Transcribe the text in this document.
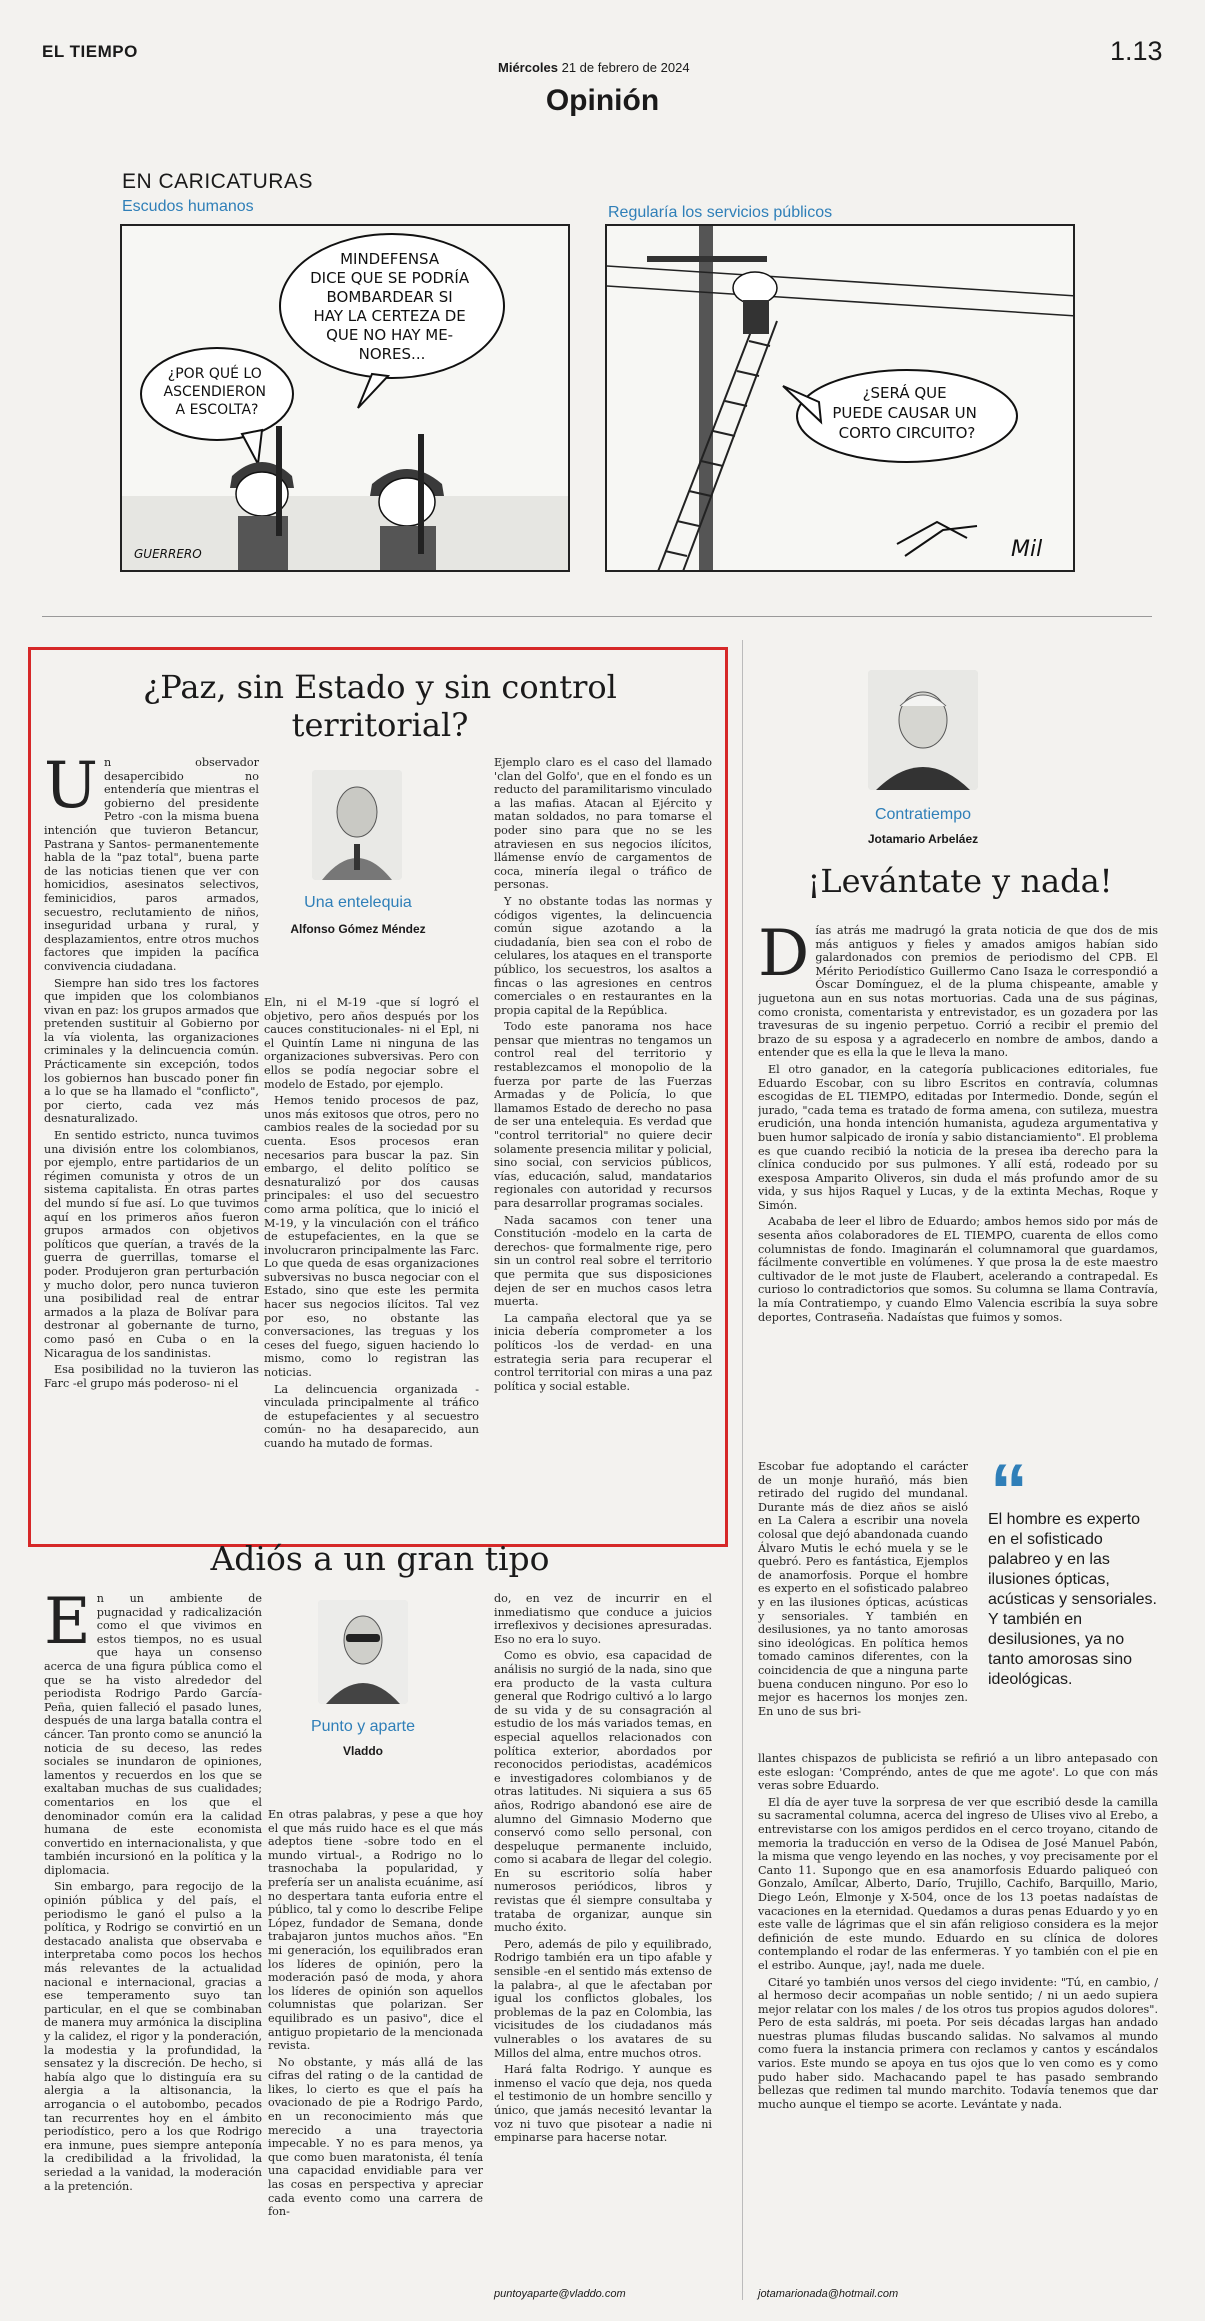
EL TIEMPO
Miércoles 21 de febrero de 2024
1.13
Opinión
EN CARICATURAS
Escudos humanos	Regularía los servicios públicos
MINDEFENSA DICE QUE SE PODRÍA BOMBARDEAR SI HAY LA CERTEZA DE QUE NO HAY ME- NORES...
¿POR QUÉ LO ASCENDIERON A ESCOLTA?
GUERRERO
¿SERÁ QUE PUEDE CAUSAR UN CORTO CIRCUITO?
Mil
¿Paz, sin Estado y sin control territorial?

Un observador desapercibido no entendería que mientras el gobierno del presidente Petro -con la misma buena intención que tuvieron Betancur, Pastrana y Santos- permanentemente habla de la "paz total", buena parte de las noticias tienen que ver con homicidios, asesinatos selectivos, feminicidios, paros armados, secuestro, reclutamiento de niños, inseguridad urbana y rural, y desplazamientos, entre otros muchos factores que impiden la pacífica convivencia ciudadana.

Siempre han sido tres los factores que impiden que los colombianos vivan en paz: los grupos armados que pretenden sustituir al Gobierno por la vía violenta, las organizaciones criminales y la delincuencia común. Prácticamente sin excepción, todos los gobiernos han buscado poner fin a lo que se ha llamado el "conflicto", por cierto, cada vez más desnaturalizado.

En sentido estricto, nunca tuvimos una división entre los colombianos, por ejemplo, entre partidarios de un régimen comunista y otros de un sistema capitalista. En otras partes del mundo sí fue así. Lo que tuvimos aquí en los primeros años fueron grupos armados con objetivos políticos que querían, a través de la guerra de guerrillas, tomarse el poder. Produjeron gran perturbación y mucho dolor, pero nunca tuvieron una posibilidad real de entrar armados a la plaza de Bolívar para destronar al gobernante de turno, como pasó en Cuba o en la Nicaragua de los sandinistas.

Esa posibilidad no la tuvieron las Farc -el grupo más poderoso- ni el

Una entelequia
Alfonso Gómez Méndez

Eln, ni el M-19 -que sí logró el objetivo, pero años después por los cauces constitucionales- ni el Epl, ni el Quintín Lame ni ninguna de las organizaciones subversivas. Pero con ellos se podía negociar sobre el modelo de Estado, por ejemplo.

Hemos tenido procesos de paz, unos más exitosos que otros, pero no cambios reales de la sociedad por su cuenta. Esos procesos eran necesarios para buscar la paz. Sin embargo, el delito político se desnaturalizó por dos causas principales: el uso del secuestro como arma política, que lo inició el M-19, y la vinculación con el tráfico de estupefacientes, en la que se involucraron principalmente las Farc. Lo que queda de esas organizaciones subversivas no busca negociar con el Estado, sino que este les permita hacer sus negocios ilícitos. Tal vez por eso, no obstante las conversaciones, las treguas y los ceses del fuego, siguen haciendo lo mismo, como lo registran las noticias.

La delincuencia organizada -vinculada principalmente al tráfico de estupefacientes y al secuestro común- no ha desaparecido, aun cuando ha mutado de formas.

Ejemplo claro es el caso del llamado 'clan del Golfo', que en el fondo es un reducto del paramilitarismo vinculado a las mafias. Atacan al Ejército y matan soldados, no para tomarse el poder sino para que no se les atraviesen en sus negocios ilícitos, llámense envío de cargamentos de coca, minería ilegal o tráfico de personas.

Y no obstante todas las normas y códigos vigentes, la delincuencia común sigue azotando a la ciudadanía, bien sea con el robo de celulares, los ataques en el transporte público, los secuestros, los asaltos a fincas o las agresiones en centros comerciales o en restaurantes en la propia capital de la República.

Todo este panorama nos hace pensar que mientras no tengamos un control real del territorio y restablezcamos el monopolio de la fuerza por parte de las Fuerzas Armadas y de Policía, lo que llamamos Estado de derecho no pasa de ser una entelequia. Es verdad que "control territorial" no quiere decir solamente presencia militar y policial, sino social, con servicios públicos, vías, educación, salud, mandatarios regionales con autoridad y recursos para desarrollar programas sociales.

Nada sacamos con tener una Constitución -modelo en la carta de derechos- que formalmente rige, pero sin un control real sobre el territorio que permita que sus disposiciones dejen de ser en muchos casos letra muerta.

La campaña electoral que ya se inicia debería comprometer a los políticos -los de verdad- en una estrategia seria para recuperar el control territorial con miras a una paz política y social estable.

Adiós a un gran tipo

En un ambiente de pugnacidad y radicalización como el que vivimos en estos tiempos, no es usual que haya un consenso acerca de una figura pública como el que se ha visto alrededor del periodista Rodrigo Pardo García-Peña, quien falleció el pasado lunes, después de una larga batalla contra el cáncer. Tan pronto como se anunció la noticia de su deceso, las redes sociales se inundaron de opiniones, lamentos y recuerdos en los que se exaltaban muchas de sus cualidades; comentarios en los que el denominador común era la calidad humana de este economista convertido en internacionalista, y que también incursionó en la política y la diplomacia.

Sin embargo, para regocijo de la opinión pública y del país, el periodismo le ganó el pulso a la política, y Rodrigo se convirtió en un destacado analista que observaba e interpretaba como pocos los hechos más relevantes de la actualidad nacional e internacional, gracias a ese temperamento suyo tan particular, en el que se combinaban de manera muy armónica la disciplina y la calidez, el rigor y la ponderación, la modestia y la profundidad, la sensatez y la discreción. De hecho, si había algo que lo distinguía era su alergia a la altisonancia, la arrogancia o el autobombo, pecados tan recurrentes hoy en el ámbito periodístico, pero a los que Rodrigo era inmune, pues siempre anteponía la credibilidad a la frivolidad, la seriedad a la vanidad, la moderación a la pretención.

Punto y aparte
Vladdo

En otras palabras, y pese a que hoy el que más ruido hace es el que más adeptos tiene -sobre todo en el mundo virtual-, a Rodrigo no lo trasnochaba la popularidad, y prefería ser un analista ecuánime, así no despertara tanta euforia entre el público, tal y como lo describe Felipe López, fundador de Semana, donde trabajaron juntos muchos años. "En mi generación, los equilibrados eran los líderes de opinión, pero la moderación pasó de moda, y ahora los líderes de opinión son aquellos columnistas que polarizan. Ser equilibrado es un pasivo", dice el antiguo propietario de la mencionada revista.

No obstante, y más allá de las cifras del rating o de la cantidad de likes, lo cierto es que el país ha ovacionado de pie a Rodrigo Pardo, en un reconocimiento más que merecido a una trayectoria impecable. Y no es para menos, ya que como buen maratonista, él tenía una capacidad envidiable para ver las cosas en perspectiva y apreciar cada evento como una carrera de fon-

do, en vez de incurrir en el inmediatismo que conduce a juicios irreflexivos y decisiones apresuradas. Eso no era lo suyo.

Como es obvio, esa capacidad de análisis no surgió de la nada, sino que era producto de la vasta cultura general que Rodrigo cultivó a lo largo de su vida y de su consagración al estudio de los más variados temas, en especial aquellos relacionados con política exterior, abordados por reconocidos periodistas, académicos e investigadores colombianos y de otras latitudes. Ni siquiera a sus 65 años, Rodrigo abandonó ese aire de alumno del Gimnasio Moderno que conservó como sello personal, con despeluque permanente incluido, como si acabara de llegar del colegio. En su escritorio solía haber numerosos periódicos, libros y revistas que él siempre consultaba y trataba de organizar, aunque sin mucho éxito.

Pero, además de pilo y equilibrado, Rodrigo también era un tipo afable y sensible -en el sentido más extenso de la palabra-, al que le afectaban por igual los conflictos globales, los problemas de la paz en Colombia, las vicisitudes de los ciudadanos más vulnerables o los avatares de su Millos del alma, entre muchos otros.

Hará falta Rodrigo. Y aunque es inmenso el vacío que deja, nos queda el testimonio de un hombre sencillo y único, que jamás necesitó levantar la voz ni tuvo que pisotear a nadie ni empinarse para hacerse notar.

puntoyaparte@vladdo.com
Contratiempo
Jotamario Arbeláez
¡Levántate y nada!

Días atrás me madrugó la grata noticia de que dos de mis más antiguos y fieles y amados amigos habían sido galardonados con premios de periodismo del CPB. El Mérito Periodístico Guillermo Cano Isaza le correspondió a Óscar Domínguez, el de la pluma chispeante, amable y juguetona aun en sus notas mortuorias. Cada una de sus páginas, como cronista, comentarista y entrevistador, es un gozadera por las travesuras de su ingenio perpetuo. Corrió a recibir el premio del brazo de su esposa y a agradecerlo en nombre de ambos, dando a entender que es ella la que le lleva la mano.

El otro ganador, en la categoría publicaciones editoriales, fue Eduardo Escobar, con su libro Escritos en contravía, columnas escogidas de EL TIEMPO, editadas por Intermedio. Donde, según el jurado, "cada tema es tratado de forma amena, con sutileza, muestra erudición, una honda intención humanista, agudeza argumentativa y buen humor salpicado de ironía y sabio distanciamiento". El problema es que cuando recibió la noticia de la presea iba derecho para la clínica conducido por sus pulmones. Y allí está, rodeado por su exesposa Amparito Oliveros, sin duda el más profundo amor de su vida, y sus hijos Raquel y Lucas, y de la extinta Mechas, Roque y Simón.

Acababa de leer el libro de Eduardo; ambos hemos sido por más de sesenta años colaboradores de EL TIEMPO, cuarenta de ellos como columnistas de fondo. Imaginarán el columnamoral que guardamos, fácilmente convertible en volúmenes. Y que prosa la de este maestro cultivador de le mot juste de Flaubert, acelerando a contrapedal. Es curioso lo contradictorios que somos. Su columna se llama Contravía, la mía Contratiempo, y cuando Elmo Valencia escribía la suya sobre deportes, Contraseña. Nadaístas que fuimos y somos.

Escobar fue adoptando el carácter de un monje hurañó, más bien retirado del rugido del mundanal. Durante más de diez años se aisló en La Calera a escribir una novela colosal que dejó abandonada cuando Álvaro Mutis le echó muela y se le quebró. Pero es fantástica, Ejemplos de anamorfosis. Porque el hombre es experto en el sofisticado palabreo y en las ilusiones ópticas, acústicas y sensoriales. Y también en desilusiones, ya no tanto amorosas sino ideológicas. En política hemos tomado caminos diferentes, con la coincidencia de que a ninguna parte buena conducen ninguno. Por eso lo mejor es hacernos los monjes zen. En uno de sus bri-

“
El hombre es experto en el sofisticado palabreo y en las ilusiones ópticas, acústicas y sensoriales. Y también en desilusiones, ya no tanto amorosas sino ideológicas.

llantes chispazos de publicista se refirió a un libro antepasado con este eslogan: 'Compréndo, antes de que me agote'. Lo que con más veras sobre Eduardo.

El día de ayer tuve la sorpresa de ver que escribió desde la camilla su sacramental columna, acerca del ingreso de Ulises vivo al Erebo, a entrevistarse con los amigos perdidos en el cerco troyano, citando de memoria la traducción en verso de la Odisea de José Manuel Pabón, la misma que vengo leyendo en las noches, y voy precisamente por el Canto 11. Supongo que en esa anamorfosis Eduardo paliqueó con Gonzalo, Amílcar, Alberto, Darío, Trujillo, Cachifo, Barquillo, Mario, Diego León, Elmonje y X-504, once de los 13 poetas nadaístas de vacaciones en la eternidad. Quedamos a duras penas Eduardo y yo en este valle de lágrimas que el sin afán religioso considera es la mejor definición de este mundo. Eduardo en su clínica de dolores contemplando el rodar de las enfermeras. Y yo también con el pie en el estribo. Aunque, ¡ay!, nada me duele.

Citaré yo también unos versos del ciego invidente: "Tú, en cambio, / al hermoso decir acompañas un noble sentido; / ni un aedo supiera mejor relatar con los males / de los otros tus propios agudos dolores". Pero de esta saldrás, mi poeta. Por seis décadas largas han andado nuestras plumas filudas buscando salidas. No salvamos al mundo como fuera la instancia primera con reclamos y cantos y escándalos varios. Este mundo se apoya en tus ojos que lo ven como es y como pudo haber sido. Machacando papel te has pasado sembrando bellezas que redimen tal mundo marchito. Todavía tenemos que dar mucho aunque el tiempo se acorte. Levántate y nada.

jotamarionada@hotmail.com
